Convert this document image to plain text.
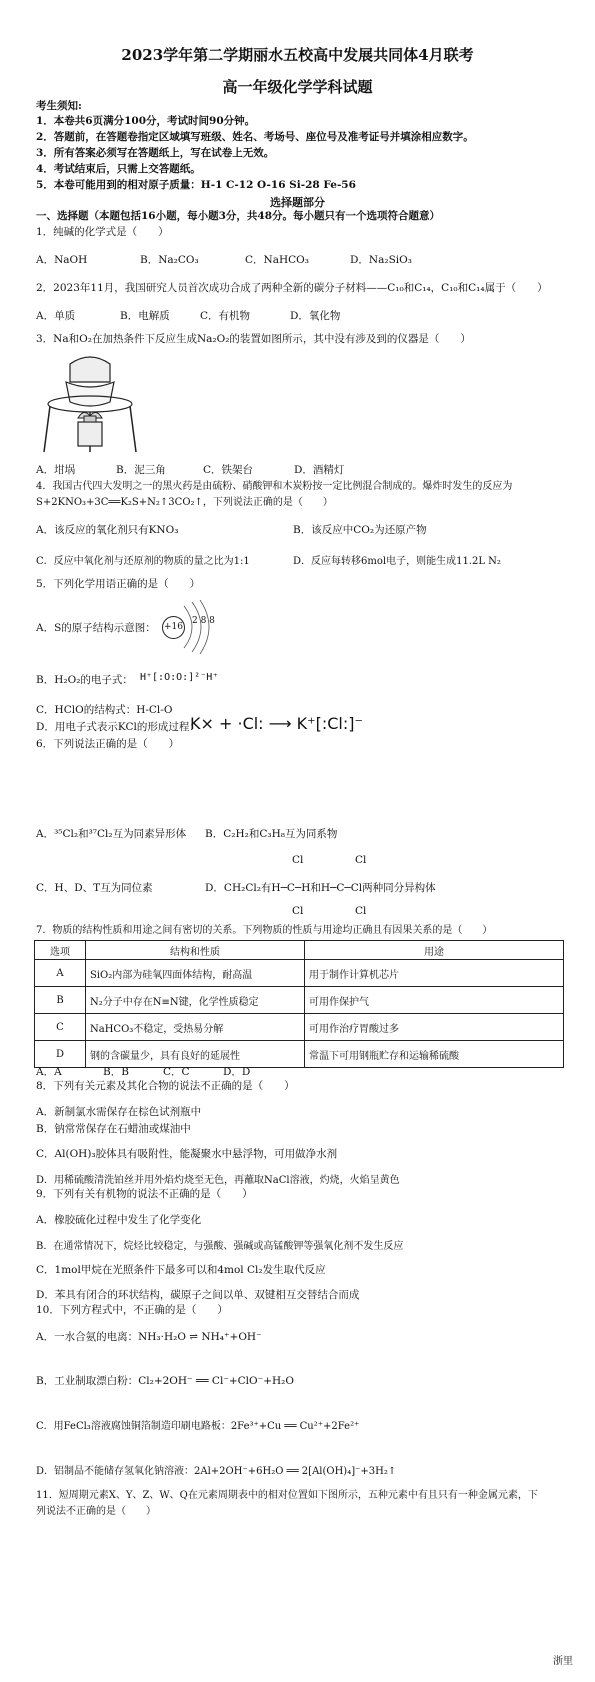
2023学年第二学期丽水五校高中发展共同体4月联考
高一年级化学学科试题
考生须知:
1．本卷共6页满分100分，考试时间90分钟。
2．答题前，在答题卷指定区域填写班级、姓名、考场号、座位号及准考证号并填涂相应数字。
3．所有答案必须写在答题纸上，写在试卷上无效。
4．考试结束后，只需上交答题纸。
5．本卷可能用到的相对原子质量：H-1 C-12 O-16 Si-28 Fe-56
选择题部分
一、选择题（本题包括16小题，每小题3分，共48分。每小题只有一个选项符合题意）
1．纯碱的化学式是（　　）
A．NaOH	B．Na₂CO₃	C．NaHCO₃	D．Na₂SiO₃
2．2023年11月，我国研究人员首次成功合成了两种全新的碳分子材料——C₁₀和C₁₄，C₁₀和C₁₄属于（　　）
A．单质	B．电解质	C．有机物	D．氧化物
3．Na和O₂在加热条件下反应生成Na₂O₂的装置如图所示，其中没有涉及到的仪器是（　　）
A．坩埚	B．泥三角	C．铁架台	D．酒精灯
4．我国古代四大发明之一的黑火药是由硫粉、硝酸钾和木炭粉按一定比例混合制成的。爆炸时发生的反应为
S+2KNO₃+3C══K₂S+N₂↑3CO₂↑，下列说法正确的是（　　）
A．该反应的氧化剂只有KNO₃	B．该反应中CO₂为还原产物
C．反应中氧化剂与还原剂的物质的量之比为1:1	D．反应每转移6mol电子，则能生成11.2L N₂
5．下列化学用语正确的是（　　）
A．S的原子结构示意图： +16
2 8 8
B．H₂O₂的电子式： H⁺[:O:O:]²⁻H⁺
C．HClO的结构式：H-Cl-O
D．用电子式表示KCl的形成过程：
K× + ·Cl: ⟶ K⁺[:Cl:]⁻
6．下列说法正确的是（　　）
A．³⁵Cl₂和³⁷Cl₂互为同素异形体 B．C₂H₂和C₃H₈互为同系物
Cl	Cl
C．H、D、T互为同位素	D．CH₂Cl₂有H─C─H和H─C─Cl两种同分异构体
Cl	Cl
7．物质的结构性质和用途之间有密切的关系。下列物质的性质与用途均正确且有因果关系的是（　　）
选项	结构和性质	用途
A	SiO₂内部为硅氧四面体结构，耐高温	用于制作计算机芯片
B	N₂分子中存在N≡N键，化学性质稳定	可用作保护气
C	NaHCO₃不稳定，受热易分解	可用作治疗胃酸过多
D	钢的含碳量少，具有良好的延展性	常温下可用钢瓶贮存和运输稀硫酸
A．A	B．B	C．C	D．D
8．下列有关元素及其化合物的说法不正确的是（　　）
A．新制氯水需保存在棕色试剂瓶中
B．钠常常保存在石蜡油或煤油中
C．Al(OH)₃胶体具有吸附性，能凝聚水中悬浮物，可用做净水剂
D．用稀硫酸清洗铂丝并用外焰灼烧至无色，再蘸取NaCl溶液，灼烧，火焰呈黄色
9．下列有关有机物的说法不正确的是（　　）
A．橡胶硫化过程中发生了化学变化
B．在通常情况下，烷烃比较稳定，与强酸、强碱或高锰酸钾等强氧化剂不发生反应
C．1mol甲烷在光照条件下最多可以和4mol Cl₂发生取代反应
D．苯具有闭合的环状结构，碳原子之间以单、双键相互交替结合而成
10．下列方程式中，不正确的是（　　）
A．一水合氨的电离：NH₃·H₂O ⇌ NH₄⁺+OH⁻
B．工业制取漂白粉：Cl₂+2OH⁻ ══ Cl⁻+ClO⁻+H₂O
C．用FeCl₃溶液腐蚀铜箔制造印刷电路板：2Fe³⁺+Cu ══ Cu²⁺+2Fe²⁺
D．铝制品不能储存氢氧化钠溶液：2Al+2OH⁻+6H₂O ══ 2[Al(OH)₄]⁻+3H₂↑
11．短周期元素X、Y、Z、W、Q在元素周期表中的相对位置如下图所示，五种元素中有且只有一种金属元素，下
列说法不正确的是（　　）
浙里
